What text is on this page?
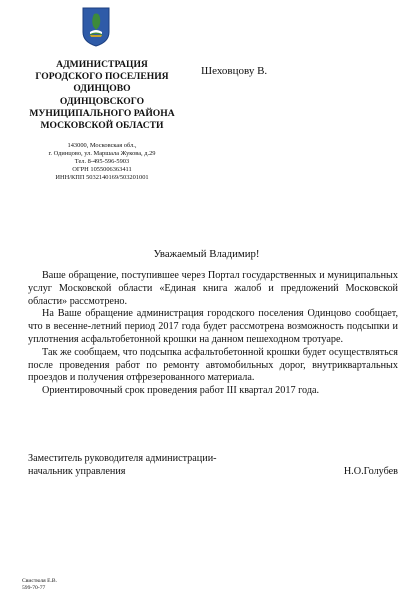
АДМИНИСТРАЦИЯ
ГОРОДСКОГО ПОСЕЛЕНИЯ
ОДИНЦОВО
ОДИНЦОВСКОГО
МУНИЦИПАЛЬНОГО РАЙОНА
МОСКОВСКОЙ ОБЛАСТИ
143000, Московская обл.,
г. Одинцово, ул. Маршала Жукова, д.29
Тел. 8-495-596-5903
ОГРН 1055006363411
ИНН/КПП 5032140169/503201001
Шеховцову В.
Уважаемый Владимир!

Ваше обращение, поступившее через Портал государственных и муниципальных услуг Московской области «Единая книга жалоб и предложений Московской области» рассмотрено.

На Ваше обращение администрация городского поселения Одинцово сообщает, что в весенне-летний период 2017 года будет рассмотрена возможность подсыпки и уплотнения асфальтобетонной крошки на данном пешеходном тротуаре.

Так же сообщаем, что подсыпка асфальтобетонной крошки будет осуществляться после проведения работ по ремонту автомобильных дорог, внутриквартальных проездов и получения отфрезерованного материала.

Ориентировочный срок проведения работ III квартал 2017 года.

Заместитель руководителя администрации-
начальник управления	Н.О.Голубев
Свистюля Е.В.
599-70-77
